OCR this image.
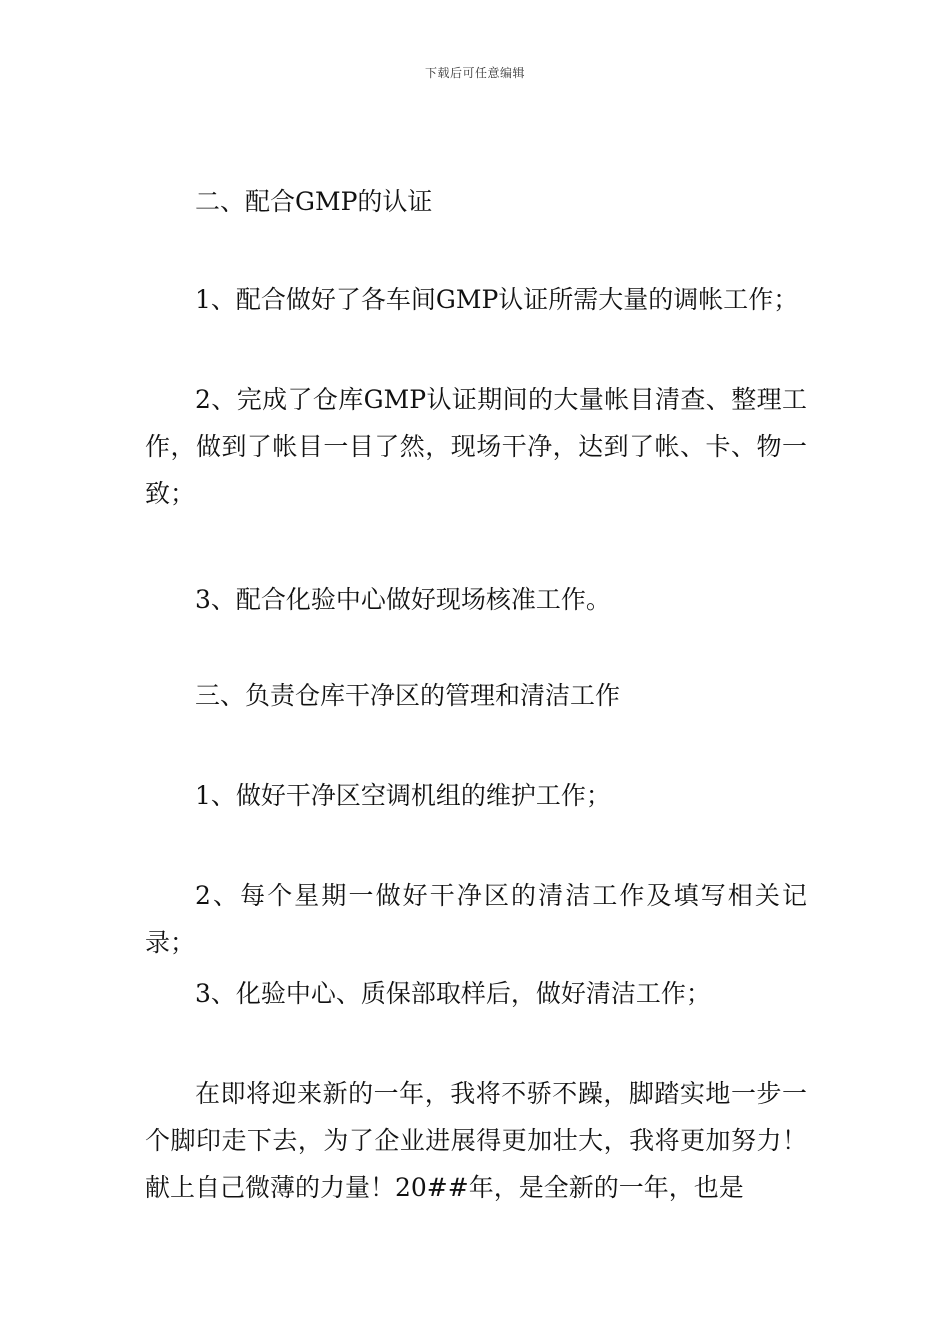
下载后可任意编辑

二、配合GMP的认证

1、配合做好了各车间GMP认证所需大量的调帐工作；

2、完成了仓库GMP认证期间的大量帐目清查、整理工作，做到了帐目一目了然，现场干净，达到了帐、卡、物一致；

3、配合化验中心做好现场核准工作。

三、负责仓库干净区的管理和清洁工作

1、做好干净区空调机组的维护工作；

2、每个星期一做好干净区的清洁工作及填写相关记录；

3、化验中心、质保部取样后，做好清洁工作；

在即将迎来新的一年，我将不骄不躁，脚踏实地一步一个脚印走下去，为了企业进展得更加壮大，我将更加努力！献上自己微薄的力量！20##年，是全新的一年，也是
